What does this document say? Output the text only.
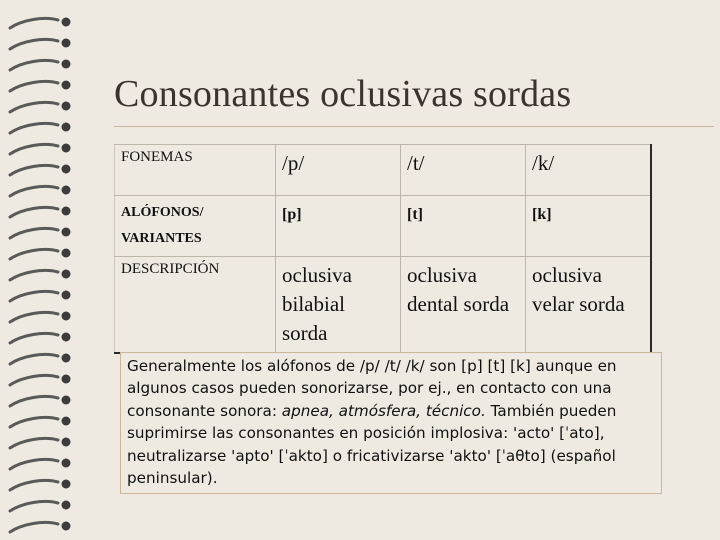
Consonantes oclusivas sordas
FONEMAS	/p/	/t/	/k/
ALÓFONOS/ VARIANTES	[p]	[t]	[k]
DESCRIPCIÓN	oclusiva bilabial sorda	oclusiva dental sorda	oclusiva velar sorda
Generalmente los alófonos de /p/ /t/ /k/ son [p] [t] [k] aunque en algunos casos pueden sonorizarse, por ej., en contacto con una consonante sonora: apnea, atmósfera, técnico. También pueden suprimirse las consonantes en posición implosiva: 'acto' [ˈato], neutralizarse 'apto' [ˈakto] o fricativizarse 'akto' [ˈaθto] (español peninsular).
